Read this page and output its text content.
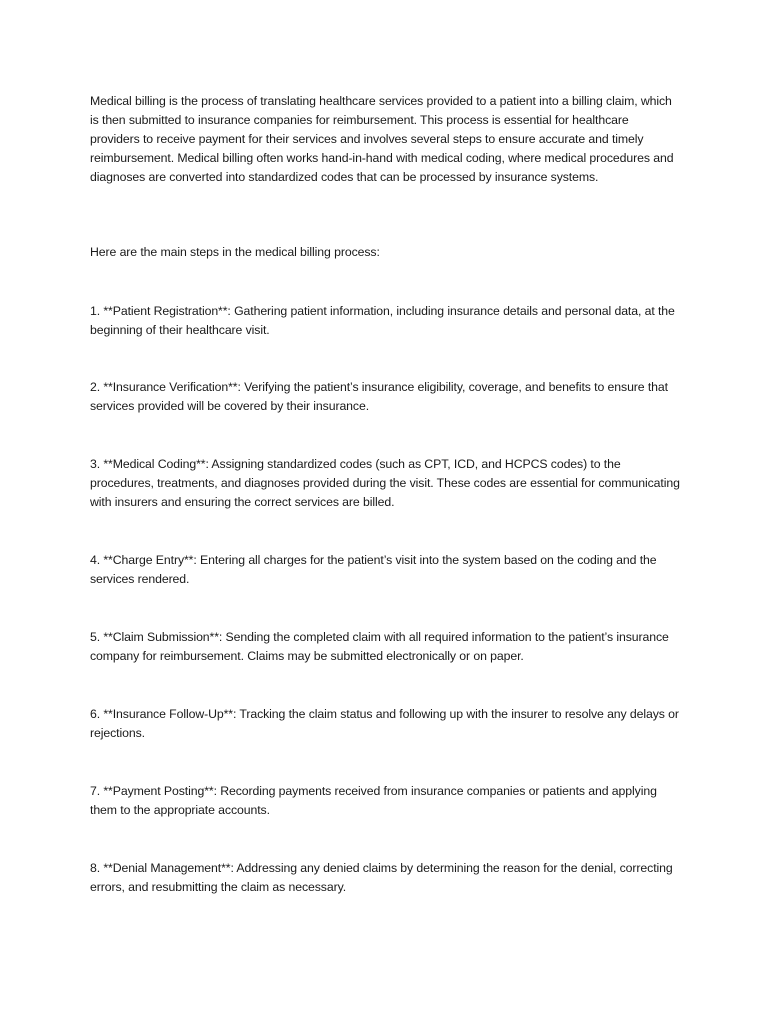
Medical billing is the process of translating healthcare services provided to a patient into a billing claim, which is then submitted to insurance companies for reimbursement. This process is essential for healthcare providers to receive payment for their services and involves several steps to ensure accurate and timely reimbursement. Medical billing often works hand-in-hand with medical coding, where medical procedures and diagnoses are converted into standardized codes that can be processed by insurance systems.

Here are the main steps in the medical billing process:

1. **Patient Registration**: Gathering patient information, including insurance details and personal data, at the beginning of their healthcare visit.

2. **Insurance Verification**: Verifying the patient’s insurance eligibility, coverage, and benefits to ensure that services provided will be covered by their insurance.

3. **Medical Coding**: Assigning standardized codes (such as CPT, ICD, and HCPCS codes) to the procedures, treatments, and diagnoses provided during the visit. These codes are essential for communicating with insurers and ensuring the correct services are billed.

4. **Charge Entry**: Entering all charges for the patient’s visit into the system based on the coding and the services rendered.

5. **Claim Submission**: Sending the completed claim with all required information to the patient’s insurance company for reimbursement. Claims may be submitted electronically or on paper.

6. **Insurance Follow-Up**: Tracking the claim status and following up with the insurer to resolve any delays or rejections.

7. **Payment Posting**: Recording payments received from insurance companies or patients and applying them to the appropriate accounts.

8. **Denial Management**: Addressing any denied claims by determining the reason for the denial, correcting errors, and resubmitting the claim as necessary.
